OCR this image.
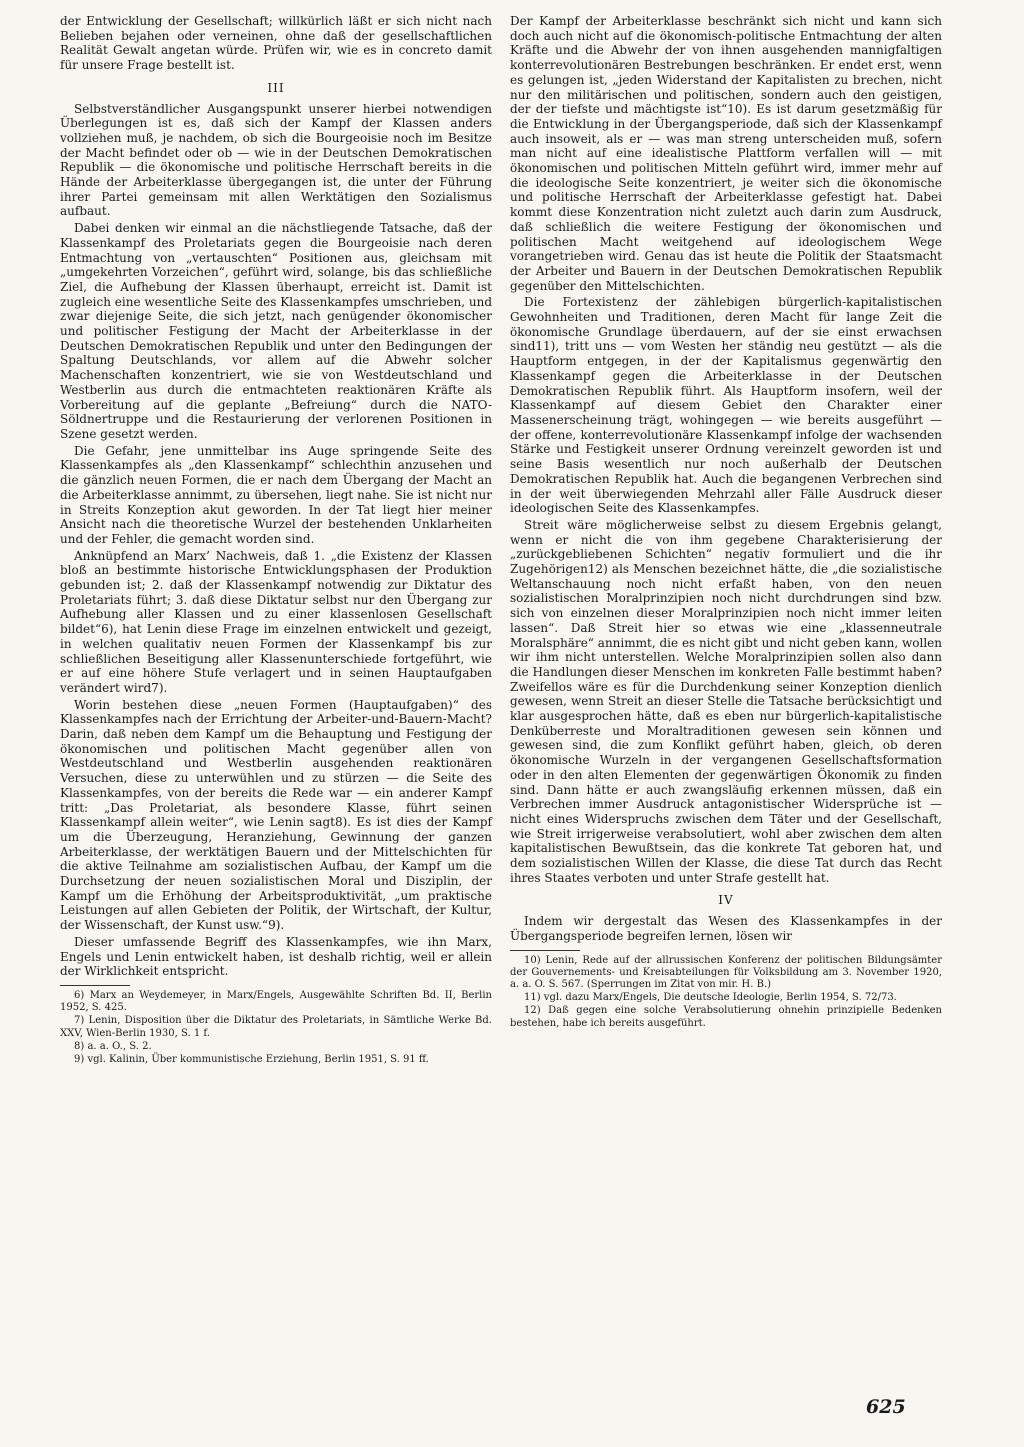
der Entwicklung der Gesellschaft; willkürlich läßt er sich nicht nach Belieben bejahen oder verneinen, ohne daß der gesellschaftlichen Realität Gewalt angetan würde. Prüfen wir, wie es in concreto damit für unsere Frage bestellt ist.

III

Selbstverständlicher Ausgangspunkt unserer hierbei notwendigen Überlegungen ist es, daß sich der Kampf der Klassen anders vollziehen muß, je nachdem, ob sich die Bourgeoisie noch im Besitze der Macht befindet oder ob — wie in der Deutschen Demokratischen Republik — die ökonomische und politische Herrschaft bereits in die Hände der Arbeiterklasse übergegangen ist, die unter der Führung ihrer Partei gemeinsam mit allen Werktätigen den Sozialismus aufbaut.

Dabei denken wir einmal an die nächstliegende Tatsache, daß der Klassenkampf des Proletariats gegen die Bourgeoisie nach deren Entmachtung von „vertauschten“ Positionen aus, gleichsam mit „umgekehrten Vorzeichen“, geführt wird, solange, bis das schließliche Ziel, die Aufhebung der Klassen überhaupt, erreicht ist. Damit ist zugleich eine wesentliche Seite des Klassenkampfes umschrieben, und zwar diejenige Seite, die sich jetzt, nach genügender ökonomischer und politischer Festigung der Macht der Arbeiterklasse in der Deutschen Demokratischen Republik und unter den Bedingungen der Spaltung Deutschlands, vor allem auf die Abwehr solcher Machenschaften konzentriert, wie sie von Westdeutschland und Westberlin aus durch die entmachteten reaktionären Kräfte als Vorbereitung auf die geplante „Befreiung“ durch die NATO-Söldnertruppe und die Restaurierung der verlorenen Positionen in Szene gesetzt werden.

Die Gefahr, jene unmittelbar ins Auge springende Seite des Klassenkampfes als „den Klassenkampf“ schlechthin anzusehen und die gänzlich neuen Formen, die er nach dem Übergang der Macht an die Arbeiterklasse annimmt, zu übersehen, liegt nahe. Sie ist nicht nur in Streits Konzeption akut geworden. In der Tat liegt hier meiner Ansicht nach die theoretische Wurzel der bestehenden Unklarheiten und der Fehler, die gemacht worden sind.

Anknüpfend an Marx’ Nachweis, daß 1. „die Existenz der Klassen bloß an bestimmte historische Entwicklungsphasen der Produktion gebunden ist; 2. daß der Klassenkampf notwendig zur Diktatur des Proletariats führt; 3. daß diese Diktatur selbst nur den Übergang zur Aufhebung aller Klassen und zu einer klassenlosen Gesellschaft bildet“6), hat Lenin diese Frage im einzelnen entwickelt und gezeigt, in welchen qualitativ neuen Formen der Klassenkampf bis zur schließlichen Beseitigung aller Klassenunterschiede fortgeführt, wie er auf eine höhere Stufe verlagert und in seinen Hauptaufgaben verändert wird7).

Worin bestehen diese „neuen Formen (Hauptaufgaben)“ des Klassenkampfes nach der Errichtung der Arbeiter-und-Bauern-Macht? Darin, daß neben dem Kampf um die Behauptung und Festigung der ökonomischen und politischen Macht gegenüber allen von Westdeutschland und Westberlin ausgehenden reaktionären Versuchen, diese zu unterwühlen und zu stürzen — die Seite des Klassenkampfes, von der bereits die Rede war — ein anderer Kampf tritt: „Das Proletariat, als besondere Klasse, führt seinen Klassenkampf allein weiter“, wie Lenin sagt8). Es ist dies der Kampf um die Überzeugung, Heranziehung, Gewinnung der ganzen Arbeiterklasse, der werktätigen Bauern und der Mittelschichten für die aktive Teilnahme am sozialistischen Aufbau, der Kampf um die Durchsetzung der neuen sozialistischen Moral und Disziplin, der Kampf um die Erhöhung der Arbeitsproduktivität, „um praktische Leistungen auf allen Gebieten der Politik, der Wirtschaft, der Kultur, der Wissenschaft, der Kunst usw.“9).

Dieser umfassende Begriff des Klassenkampfes, wie ihn Marx, Engels und Lenin entwickelt haben, ist deshalb richtig, weil er allein der Wirklichkeit entspricht.

6) Marx an Weydemeyer, in Marx/Engels, Ausgewählte Schriften Bd. II, Berlin 1952, S. 425.

7) Lenin, Disposition über die Diktatur des Proletariats, in Sämtliche Werke Bd. XXV, Wien-Berlin 1930, S. 1 f.

8) a. a. O., S. 2.

9) vgl. Kalinin, Über kommunistische Erziehung, Berlin 1951, S. 91 ff.

Der Kampf der Arbeiterklasse beschränkt sich nicht und kann sich doch auch nicht auf die ökonomisch-politische Entmachtung der alten Kräfte und die Abwehr der von ihnen ausgehenden mannigfaltigen konterrevolutionären Bestrebungen beschränken. Er endet erst, wenn es gelungen ist, „jeden Widerstand der Kapitalisten zu brechen, nicht nur den militärischen und politischen, sondern auch den geistigen, der der tiefste und mächtigste ist“10). Es ist darum gesetzmäßig für die Entwicklung in der Übergangsperiode, daß sich der Klassenkampf auch insoweit, als er — was man streng unterscheiden muß, sofern man nicht auf eine idealistische Plattform verfallen will — mit ökonomischen und politischen Mitteln geführt wird, immer mehr auf die ideologische Seite konzentriert, je weiter sich die ökonomische und politische Herrschaft der Arbeiterklasse gefestigt hat. Dabei kommt diese Konzentration nicht zuletzt auch darin zum Ausdruck, daß schließlich die weitere Festigung der ökonomischen und politischen Macht weitgehend auf ideologischem Wege vorangetrieben wird. Genau das ist heute die Politik der Staatsmacht der Arbeiter und Bauern in der Deutschen Demokratischen Republik gegenüber den Mittelschichten.

Die Fortexistenz der zählebigen bürgerlich-kapitalistischen Gewohnheiten und Traditionen, deren Macht für lange Zeit die ökonomische Grundlage überdauern, auf der sie einst erwachsen sind11), tritt uns — vom Westen her ständig neu gestützt — als die Hauptform entgegen, in der der Kapitalismus gegenwärtig den Klassenkampf gegen die Arbeiterklasse in der Deutschen Demokratischen Republik führt. Als Hauptform insofern, weil der Klassenkampf auf diesem Gebiet den Charakter einer Massenerscheinung trägt, wohingegen — wie bereits ausgeführt — der offene, konterrevolutionäre Klassenkampf infolge der wachsenden Stärke und Festigkeit unserer Ordnung vereinzelt geworden ist und seine Basis wesentlich nur noch außerhalb der Deutschen Demokratischen Republik hat. Auch die begangenen Verbrechen sind in der weit überwiegenden Mehrzahl aller Fälle Ausdruck dieser ideologischen Seite des Klassenkampfes.

Streit wäre möglicherweise selbst zu diesem Ergebnis gelangt, wenn er nicht die von ihm gegebene Charakterisierung der „zurückgebliebenen Schichten“ negativ formuliert und die ihr Zugehörigen12) als Menschen bezeichnet hätte, die „die sozialistische Weltanschauung noch nicht erfaßt haben, von den neuen sozialistischen Moralprinzipien noch nicht durchdrungen sind bzw. sich von einzelnen dieser Moralprinzipien noch nicht immer leiten lassen“. Daß Streit hier so etwas wie eine „klassenneutrale Moralsphäre“ annimmt, die es nicht gibt und nicht geben kann, wollen wir ihm nicht unterstellen. Welche Moralprinzipien sollen also dann die Handlungen dieser Menschen im konkreten Falle bestimmt haben? Zweifellos wäre es für die Durchdenkung seiner Konzeption dienlich gewesen, wenn Streit an dieser Stelle die Tatsache berücksichtigt und klar ausgesprochen hätte, daß es eben nur bürgerlich-kapitalistische Denküberreste und Moraltraditionen gewesen sein können und gewesen sind, die zum Konflikt geführt haben, gleich, ob deren ökonomische Wurzeln in der vergangenen Gesellschaftsformation oder in den alten Elementen der gegenwärtigen Ökonomik zu finden sind. Dann hätte er auch zwangsläufig erkennen müssen, daß ein Verbrechen immer Ausdruck antagonistischer Widersprüche ist — nicht eines Widerspruchs zwischen dem Täter und der Gesellschaft, wie Streit irrigerweise verabsolutiert, wohl aber zwischen dem alten kapitalistischen Bewußtsein, das die konkrete Tat geboren hat, und dem sozialistischen Willen der Klasse, die diese Tat durch das Recht ihres Staates verboten und unter Strafe gestellt hat.

IV

Indem wir dergestalt das Wesen des Klassenkampfes in der Übergangsperiode begreifen lernen, lösen wir

10) Lenin, Rede auf der allrussischen Konferenz der politischen Bildungsämter der Gouvernements- und Kreisabteilungen für Volksbildung am 3. November 1920, a. a. O. S. 567. (Sperrungen im Zitat von mir. H. B.)

11) vgl. dazu Marx/Engels, Die deutsche Ideologie, Berlin 1954, S. 72/73.

12) Daß gegen eine solche Verabsolutierung ohnehin prinzipielle Bedenken bestehen, habe ich bereits ausgeführt.

625
